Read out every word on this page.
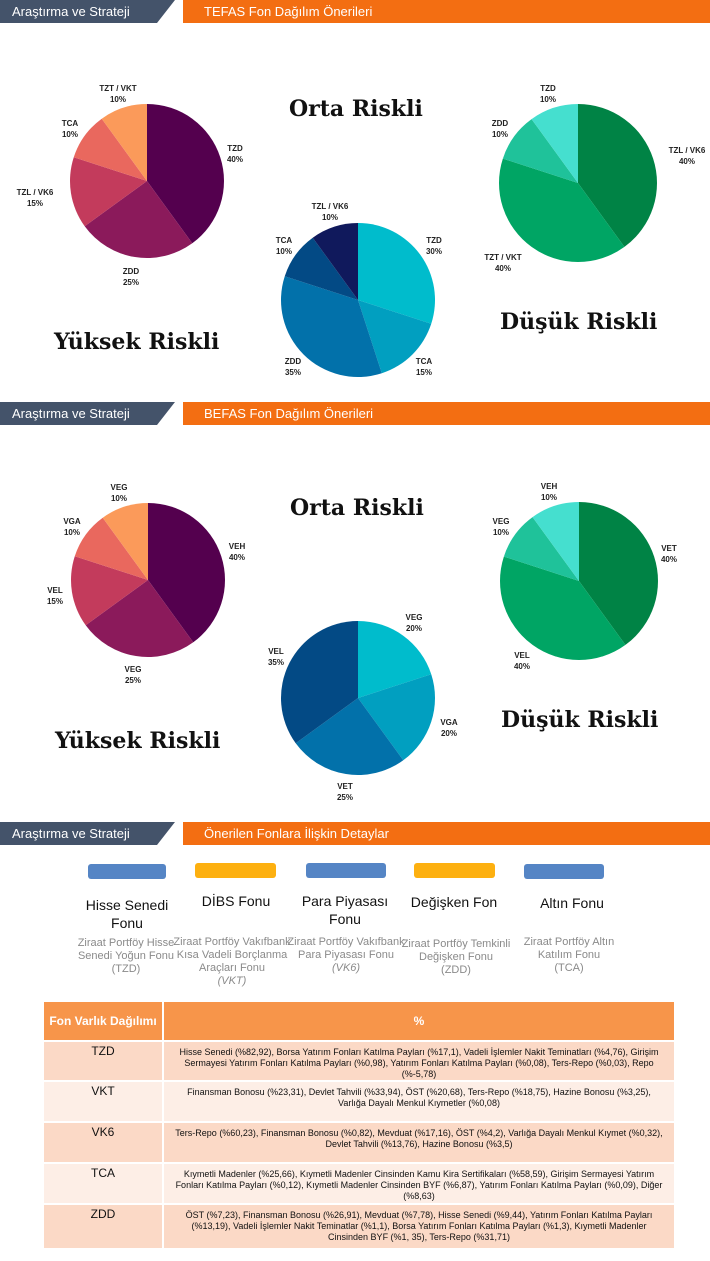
Araştırma ve Strateji	TEFAS Fon Dağılım Önerileri
Araştırma ve Strateji	BEFAS Fon Dağılım Önerileri
Araştırma ve Strateji	Önerilen Fonlara İlişkin Detaylar
Orta Riskli
Yüksek Riskli
Düşük Riskli
Orta Riskli
Yüksek Riskli
Düşük Riskli
TZD
40%
ZDD
25%
TZL / VK6
15%
TCA
10%
TZT / VKT
10%
TZD
30%
TCA
15%
ZDD
35%
TCA
10%
TZL / VK6
10%
TZL / VK6
40%
TZT / VKT
40%
ZDD
10%
TZD
10%
VEH
40%
VEG
25%
VEL
15%
VGA
10%
VEG
10%
VEG
20%
VGA
20%
VET
25%
VEL
35%
VET
40%
VEL
40%
VEG
10%
VEH
10%
Hisse Senedi Fonu
DİBS Fonu	Para Piyasası Fonu
Değişken Fon	Altın Fonu
Ziraat Portföy Hisse Senedi Yoğun Fonu
(TZD)
Ziraat Portföy Vakıfbank Kısa Vadeli Borçlanma Araçları Fonu
(VKT)
Ziraat Portföy Vakıfbank Para Piyasası Fonu
(VK6)
Ziraat Portföy Temkinli Değişken Fonu
(ZDD)
Ziraat Portföy Altın Katılım Fonu
(TCA)
Fon Varlık Dağılımı	%
TZD	Hisse Senedi (%82,92), Borsa Yatırım Fonları Katılma Payları (%17,1), Vadeli İşlemler Nakit Teminatları (%4,76), Girişim Sermayesi Yatırım Fonları Katılma Payları (%0,98), Yatırım Fonları Katılma Payları (%0,08), Ters-Repo (%0,03), Repo (%-5,78)
VKT	Finansman Bonosu (%23,31), Devlet Tahvili (%33,94), ÖST (%20,68), Ters-Repo (%18,75), Hazine Bonosu (%3,25), Varlığa Dayalı Menkul Kıymetler (%0,08)
VK6	Ters-Repo (%60,23), Finansman Bonosu (%0,82), Mevduat (%17,16), ÖST (%4,2), Varlığa Dayalı Menkul Kıymet (%0,32), Devlet Tahvili (%13,76), Hazine Bonosu (%3,5)
TCA	Kıymetli Madenler (%25,66), Kıymetli Madenler Cinsinden Kamu Kira Sertifikaları (%58,59), Girişim Sermayesi Yatırım Fonları Katılma Payları (%0,12), Kıymetli Madenler Cinsinden BYF (%6,87), Yatırım Fonları Katılma Payları (%0,09), Diğer (%8,63)
ZDD	ÖST (%7,23), Finansman Bonosu (%26,91), Mevduat (%7,78), Hisse Senedi (%9,44), Yatırım Fonları Katılma Payları (%13,19), Vadeli İşlemler Nakit Teminatlar (%1,1), Borsa Yatırım Fonları Katılma Payları (%1,3), Kıymetli Madenler Cinsinden BYF (%1, 35), Ters-Repo (%31,71)
